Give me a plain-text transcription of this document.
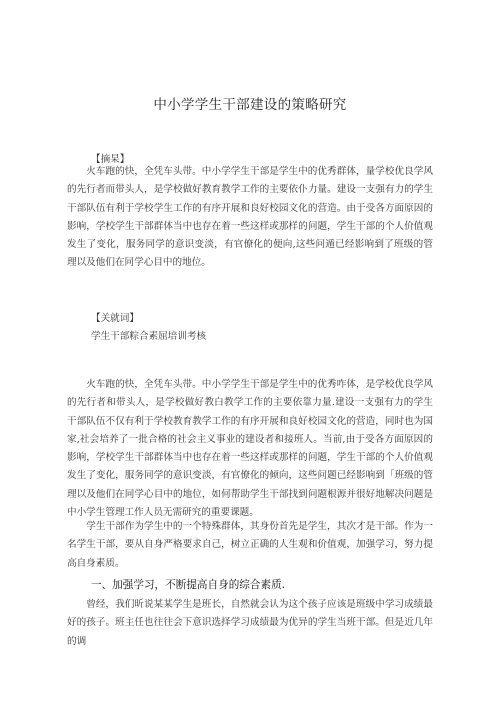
中小学学生干部建设的策略研究
【摘杲】

火车跑的快，全凭车头带。中小学学生干部是学生中的优秀群体，量学校优良学风的先行者而带头人，是学校做好教育教学工作的主要依仆力量。建设一支强有力的学生干部队伍有利于学校学生工作的有序开展和良好校园文化的营造。由于受各方面原因的影响，学校学生干部群体当中也存在着一些这样或那样的问题，学生干部的个人价值观发生了变化，服务同学的意识变淡，有官僚化的便向,这些问遁已经影响到了班级的管理以及他们在同学心目中的地位。

【关就词】
学生干部粽合素屈培训考核

火车跑的快，全凭车头带。中小学学生干部是学生中的优秀咋体，是学校优良学风的先行者和带头人，是学校做好教白教学工作的主要依靠力量.建设一支强有力的学生干部队伍不仅有利于学校教育教学工作的有序开展和良好校园文化的营造，同时也为国家,社会培养了一批合格的社会主义事业的建设者和接班人。当前,由于受各方面原因的影响，学校学生干部群体当中也存在着一些这样或那样的问题，学生干部的个人价值观发生了变化，服务同学的意识变淡，有官僚化的倾向，这些问题已经影响到「班级的管理以及他们在同学心目中的地位，如何帮助学生干部找到问题根源并很好地解决问题是中小学生管理工作人员无需研究的重要课题。

学生干部作为学生中的一个特殊群体，其身份首先是学生，其次才是干部。作为一名学生干部，要从自身严格要求自己，树立正确的人生观和价值观，加强学习，努力提高自身素质。

一、加强学习，不断提高自身的综合素质.

曾经，我们昕说某某学生是班长，自然就会认为这个孩子应该是班级中学习成绩最好的孩子。班主任也往往会下意识选择学习成绩最为优异的学生当班干部。但是近几年的调
